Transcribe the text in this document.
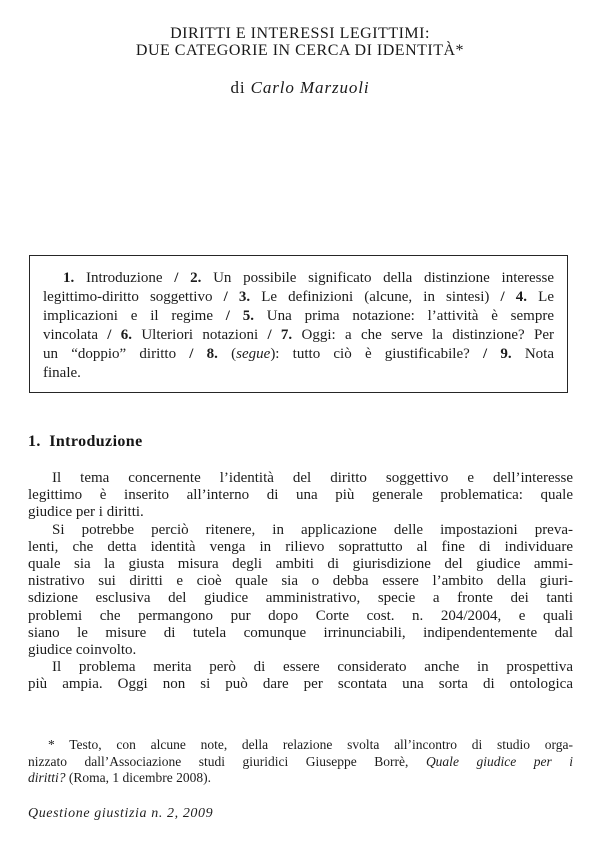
DIRITTI E INTERESSI LEGITTIMI:
DUE CATEGORIE IN CERCA DI IDENTITÀ*
di Carlo Marzuoli
1. Introduzione / 2. Un possibile significato della distinzione interesse
legittimo-diritto soggettivo / 3. Le definizioni (alcune, in sintesi) / 4. Le
implicazioni e il regime / 5. Una prima notazione: l’attività è sempre
vincolata / 6. Ulteriori notazioni / 7. Oggi: a che serve la distinzione? Per
un “doppio” diritto / 8. (segue): tutto ciò è giustificabile? / 9. Nota
finale.
1. Introduzione
Il tema concernente l’identità del diritto soggettivo e dell’interesse
legittimo è inserito all’interno di una più generale problematica: quale
giudice per i diritti.
Si potrebbe perciò ritenere, in applicazione delle impostazioni preva-
lenti, che detta identità venga in rilievo soprattutto al fine di individuare
quale sia la giusta misura degli ambiti di giurisdizione del giudice ammi-
nistrativo sui diritti e cioè quale sia o debba essere l’ambito della giuri-
sdizione esclusiva del giudice amministrativo, specie a fronte dei tanti
problemi che permangono pur dopo Corte cost. n. 204/2004, e quali
siano le misure di tutela comunque irrinunciabili, indipendentemente dal
giudice coinvolto.
Il problema merita però di essere considerato anche in prospettiva
più ampia. Oggi non si può dare per scontata una sorta di ontologica
* Testo, con alcune note, della relazione svolta all’incontro di studio orga-
nizzato dall’Associazione studi giuridici Giuseppe Borrè, Quale giudice per i
diritti? (Roma, 1 dicembre 2008).
Questione giustizia n. 2, 2009
